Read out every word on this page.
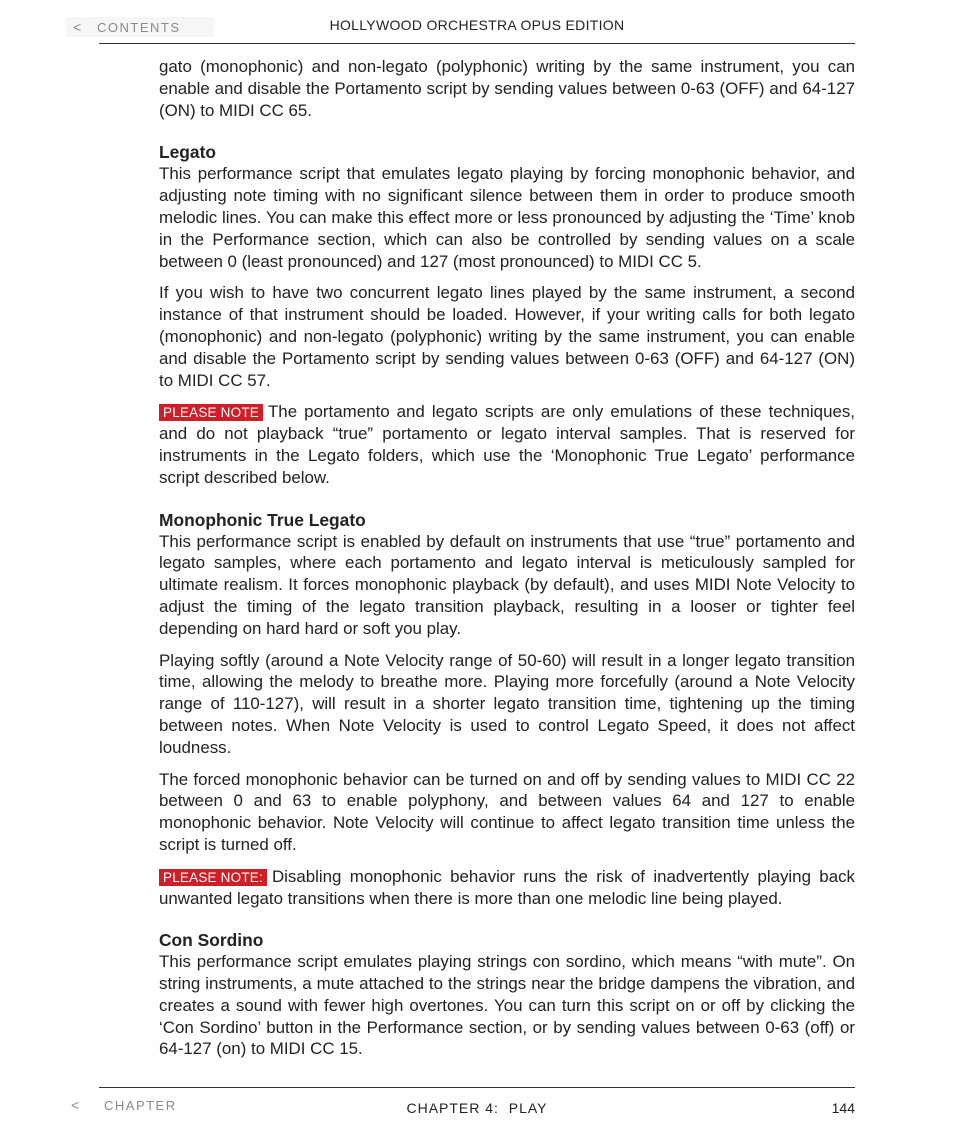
<	CONTENTS	HOLLYWOOD ORCHESTRA OPUS EDITION

gato (monophonic) and non-legato (polyphonic) writing by the same instrument, you can enable and disable the Portamento script by sending values between 0-63 (OFF) and 64-127 (ON) to MIDI CC 65.

Legato

This performance script that emulates legato playing by forcing monophonic behavior, and adjusting note timing with no significant silence between them in order to produce smooth melodic lines. You can make this effect more or less pronounced by adjusting the ‘Time’ knob in the Performance section, which can also be controlled by sending values on a scale between 0 (least pronounced) and 127 (most pronounced) to MIDI CC 5.

If you wish to have two concurrent legato lines played by the same instrument, a second instance of that instrument should be loaded. However, if your writing calls for both legato (monophonic) and non-legato (polyphonic) writing by the same instrument, you can enable and disable the Portamento script by sending values between 0-63 (OFF) and 64-127 (ON) to MIDI CC 57.

PLEASE NOTE The portamento and legato scripts are only emulations of these techniques, and do not playback “true” portamento or legato interval samples. That is reserved for instruments in the Legato folders, which use the ‘Monophonic True Legato’ performance script described below.

Monophonic True Legato

This performance script is enabled by default on instruments that use “true” portamento and legato samples, where each portamento and legato interval is meticulously sampled for ultimate realism. It forces monophonic playback (by default), and uses MIDI Note Velocity to adjust the timing of the legato transition playback, resulting in a looser or tighter feel depending on hard hard or soft you play.

Playing softly (around a Note Velocity range of 50-60) will result in a longer legato transition time, allowing the melody to breathe more. Playing more forcefully (around a Note Velocity range of 110-127), will result in a shorter legato transition time, tightening up the timing between notes. When Note Velocity is used to control Legato Speed, it does not affect loudness.

The forced monophonic behavior can be turned on and off by sending values to MIDI CC 22 between 0 and 63 to enable polyphony, and between values 64 and 127 to enable monophonic behavior. Note Velocity will continue to affect legato transition time unless the script is turned off.

PLEASE NOTE: Disabling monophonic behavior runs the risk of inadvertently playing back unwanted legato transitions when there is more than one melodic line being played.

Con Sordino

This performance script emulates playing strings con sordino, which means “with mute”. On string instruments, a mute attached to the strings near the bridge dampens the vibration, and creates a sound with fewer high overtones. You can turn this script on or off by clicking the ‘Con Sordino’ button in the Performance section, or by sending values between 0-63 (off) or 64-127 (on) to MIDI CC 15.

<	CHAPTER	CHAPTER 4:  PLAY	144
